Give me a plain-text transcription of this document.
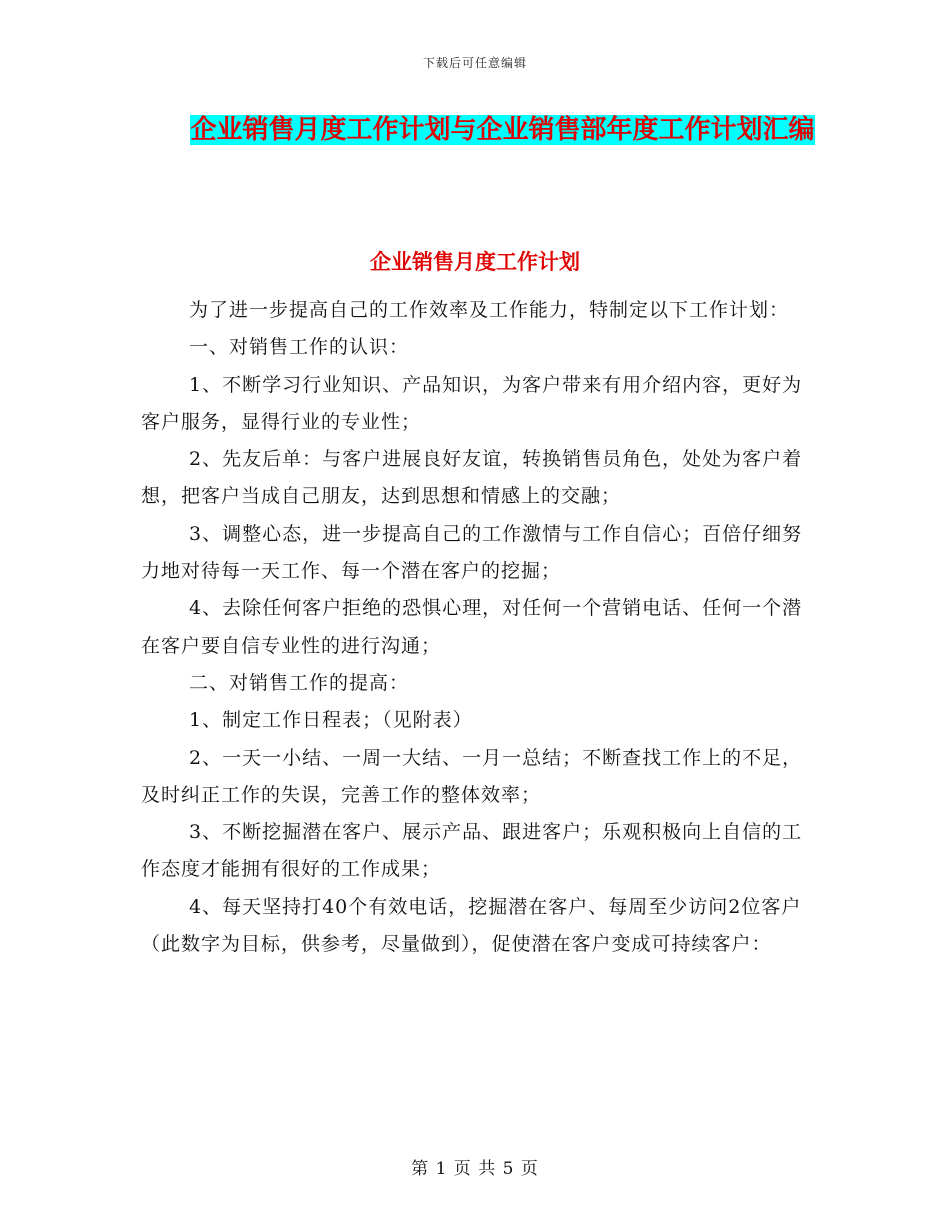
下载后可任意编辑
企业销售月度工作计划与企业销售部年度工作计划汇编
企业销售月度工作计划

为了进一步提高自己的工作效率及工作能力，特制定以下工作计划：

一、对销售工作的认识：

1、不断学习行业知识、产品知识，为客户带来有用介绍内容，更好为客户服务，显得行业的专业性；

2、先友后单：与客户进展良好友谊，转换销售员角色，处处为客户着想，把客户当成自己朋友，达到思想和情感上的交融；

3、调整心态，进一步提高自己的工作激情与工作自信心；百倍仔细努力地对待每一天工作、每一个潜在客户的挖掘；

4、去除任何客户拒绝的恐惧心理，对任何一个营销电话、任何一个潜在客户要自信专业性的进行沟通；

二、对销售工作的提高：

1、制定工作日程表；（见附表）

2、一天一小结、一周一大结、一月一总结；不断查找工作上的不足，及时纠正工作的失误，完善工作的整体效率；

3、不断挖掘潜在客户、展示产品、跟进客户；乐观积极向上自信的工作态度才能拥有很好的工作成果；

4、每天坚持打40个有效电话，挖掘潜在客户、每周至少访问2位客户（此数字为目标，供参考，尽量做到），促使潜在客户变成可持续客户：

第 1 页 共 5 页
